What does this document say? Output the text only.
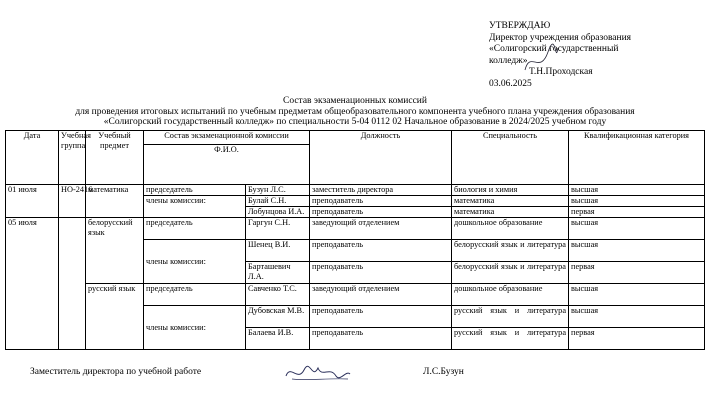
УТВЕРЖДАЮ
Директор учреждения образования
«Солигорский государственный
колледж»
Т.Н.Проходская
03.06.2025
Состав экзаменационных комиссий
для проведения итоговых испытаний по учебным предметам общеобразовательного компонента учебного плана учреждения образования
«Солигорский государственный колледж» по специальности 5-04 0112 02 Начальное образование в 2024/2025 учебном году
Дата	Учебная группа	Учебный предмет	Состав экзаменационной комиссии		Должность	Специальность	Квалификационная категория
			Ф.И.О.				
01 июля	НО-2416	математика	председатель	Бузун Л.С.	заместитель директора	биология и химия	высшая
			члены комиссии:	Булай С.Н.	преподаватель	математика	высшая
				Лобунцова И.А.	преподаватель	математика	первая
05 июля		белорусский язык	председатель	Гаргун С.Н.	заведующий отделением	дошкольное образование	высшая
			члены комиссии:	Шенец В.И.	преподаватель	белорусский язык и литература	высшая
				Барташевич Л.А.	преподаватель	белорусский язык и литература	первая
		русский язык	председатель	Савченко Т.С.	заведующий отделением	дошкольное образование	высшая
			члены комиссии:	Дубовская М.В.	преподаватель	русский язык и литература	высшая
				Балаева И.В.	преподаватель	русский язык и литература	первая
Заместитель директора по учебной работе	Л.С.Бузун
